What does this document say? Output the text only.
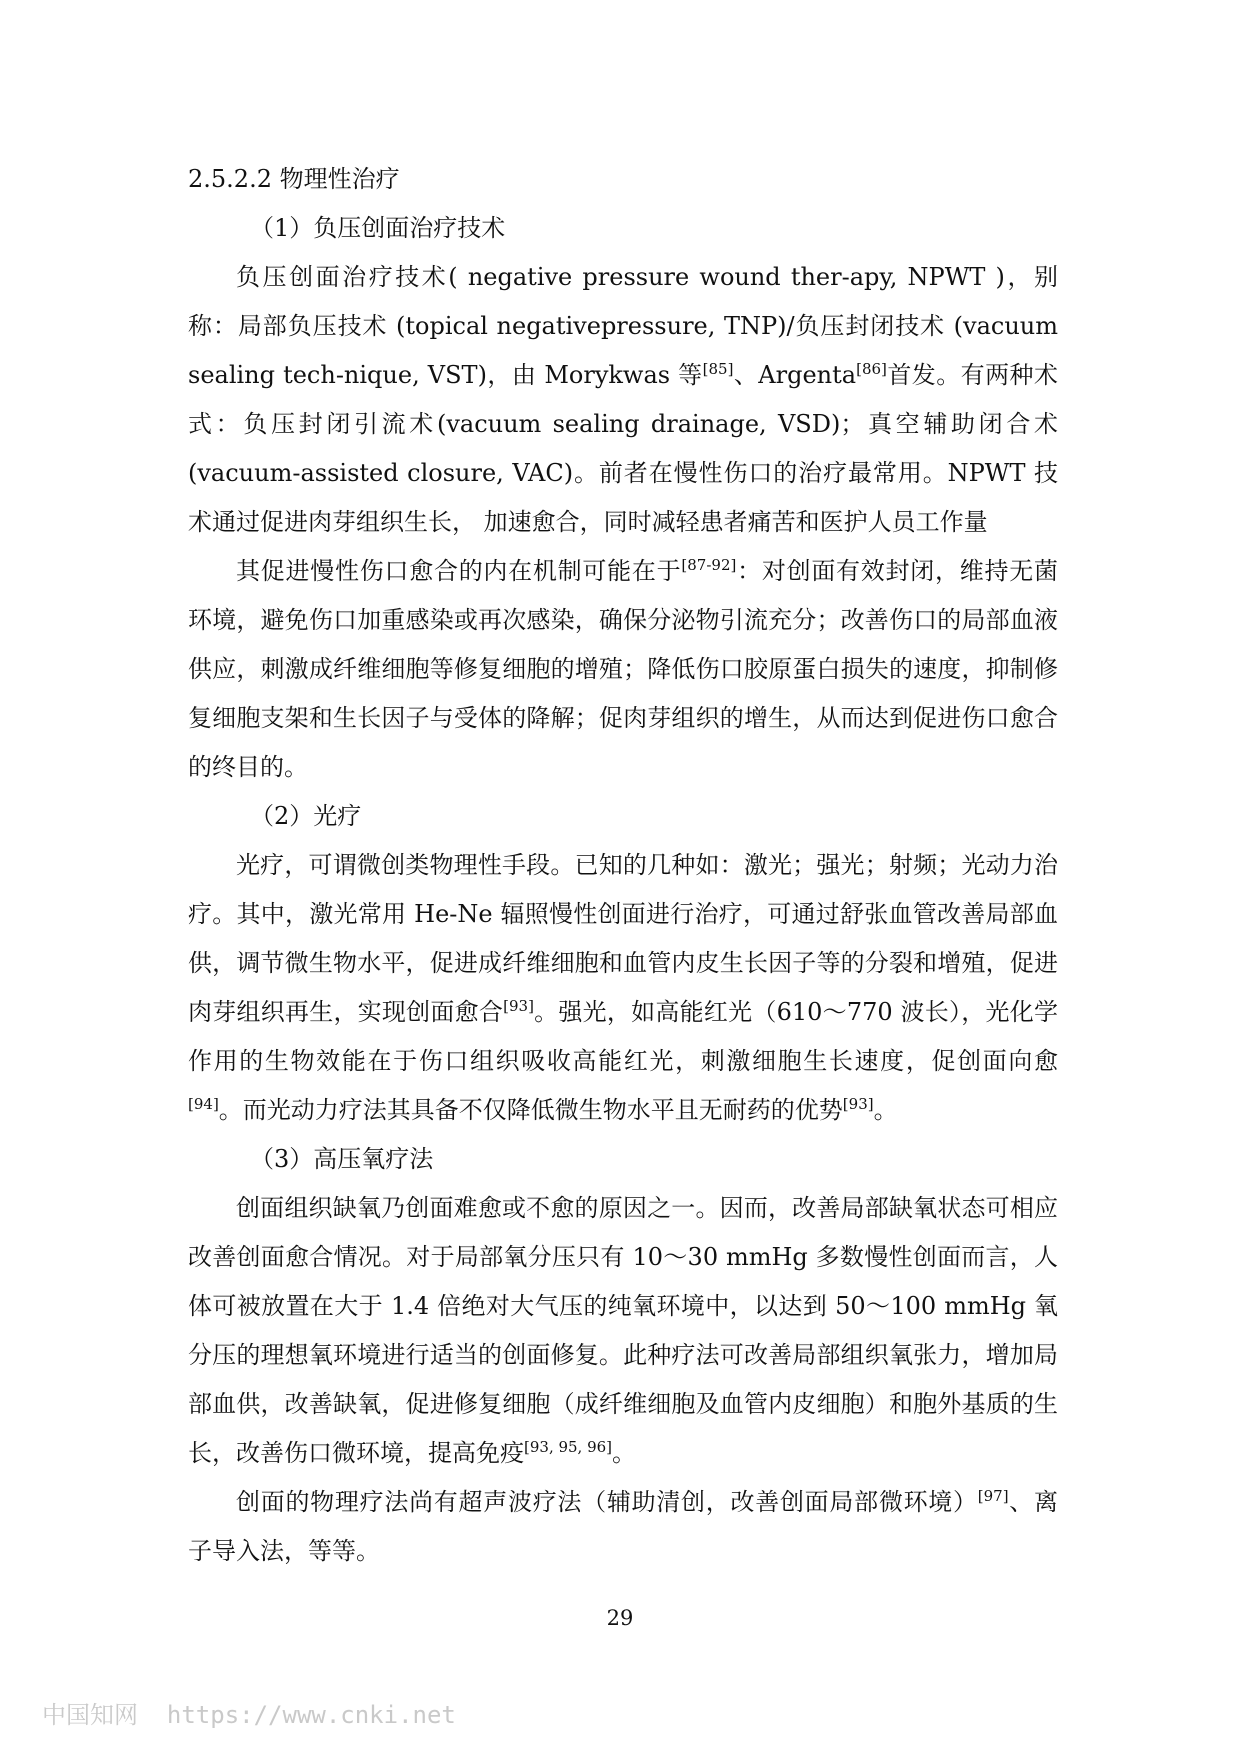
2.5.2.2 物理性治疗

（1）负压创面治疗技术

负压创面治疗技术( negative pressure wound ther-apy, NPWT )，别称：局部负压技术 (topical negativepressure, TNP)/负压封闭技术 (vacuum sealing tech-nique, VST)，由 Morykwas 等[85]、Argenta[86]首发。有两种术式：负压封闭引流术(vacuum sealing drainage, VSD)；真空辅助闭合术(vacuum-assisted closure, VAC)。前者在慢性伤口的治疗最常用。NPWT 技术通过促进肉芽组织生长， 加速愈合，同时减轻患者痛苦和医护人员工作量

其促进慢性伤口愈合的内在机制可能在于[87-92]：对创面有效封闭，维持无菌环境，避免伤口加重感染或再次感染，确保分泌物引流充分；改善伤口的局部血液供应，刺激成纤维细胞等修复细胞的增殖；降低伤口胶原蛋白损失的速度，抑制修复细胞支架和生长因子与受体的降解；促肉芽组织的增生，从而达到促进伤口愈合的终目的。

（2）光疗

光疗，可谓微创类物理性手段。已知的几种如：激光；强光；射频；光动力治疗。其中，激光常用 He-Ne 辐照慢性创面进行治疗，可通过舒张血管改善局部血供，调节微生物水平，促进成纤维细胞和血管内皮生长因子等的分裂和增殖，促进肉芽组织再生，实现创面愈合[93]。强光，如高能红光（610～770 波长），光化学作用的生物效能在于伤口组织吸收高能红光，刺激细胞生长速度，促创面向愈[94]。而光动力疗法其具备不仅降低微生物水平且无耐药的优势[93]。

（3）高压氧疗法

创面组织缺氧乃创面难愈或不愈的原因之一。因而，改善局部缺氧状态可相应改善创面愈合情况。对于局部氧分压只有 10～30 mmHg 多数慢性创面而言，人体可被放置在大于 1.4 倍绝对大气压的纯氧环境中，以达到 50～100 mmHg 氧分压的理想氧环境进行适当的创面修复。此种疗法可改善局部组织氧张力，增加局部血供，改善缺氧，促进修复细胞（成纤维细胞及血管内皮细胞）和胞外基质的生长，改善伤口微环境，提高免疫[93, 95, 96]。

创面的物理疗法尚有超声波疗法（辅助清创，改善创面局部微环境）[97]、离子导入法，等等。

29
中国知网  https://www.cnki.net
